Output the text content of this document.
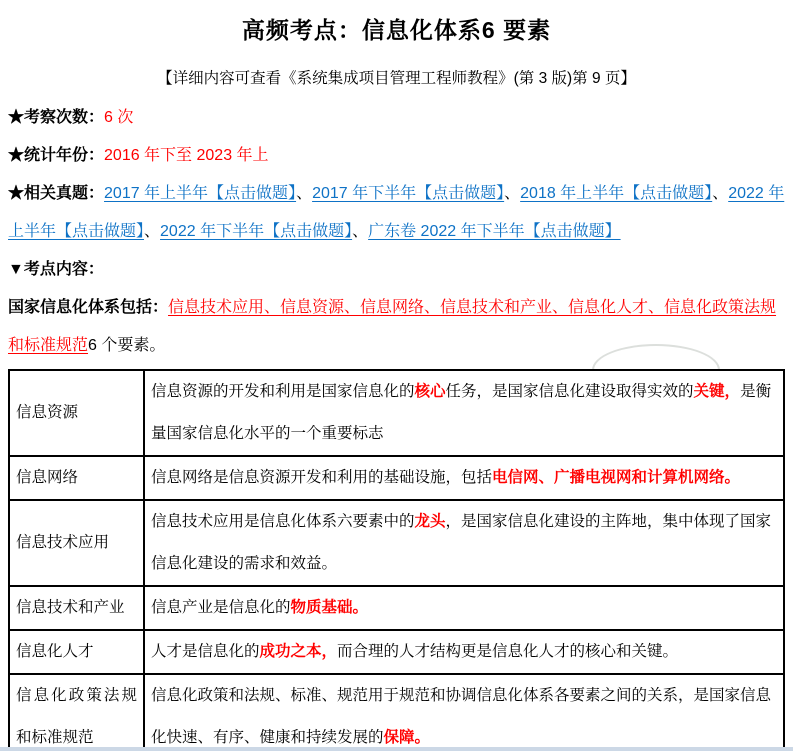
高频考点：信息化体系6 要素
【详细内容可查看《系统集成项目管理工程师教程》(第 3 版)第 9 页】
★考察次数：6 次
★统计年份：2016 年下至 2023 年上
★相关真题：2017 年上半年【点击做题】、2017 年下半年【点击做题】、2018 年上半年【点击做题】、2022 年上半年【点击做题】、2022 年下半年【点击做题】、广东卷 2022 年下半年【点击做题】
▼考点内容：
国家信息化体系包括：信息技术应用、信息资源、信息网络、信息技术和产业、信息化人才、信息化政策法规和标准规范6 个要素。
信息资源	信息资源的开发和利用是国家信息化的核心任务，是国家信息化建设取得实效的关键，是衡量国家信息化水平的一个重要标志
信息网络	信息网络是信息资源开发和利用的基础设施，包括电信网、广播电视网和计算机网络。
信息技术应用	信息技术应用是信息化体系六要素中的龙头，是国家信息化建设的主阵地，集中体现了国家信息化建设的需求和效益。
信息技术和产业	信息产业是信息化的物质基础。
信息化人才	人才是信息化的成功之本，而合理的人才结构更是信息化人才的核心和关键。
信息化政策法规和标准规范	信息化政策和法规、标准、规范用于规范和协调信息化体系各要素之间的关系，是国家信息化快速、有序、健康和持续发展的保障。
